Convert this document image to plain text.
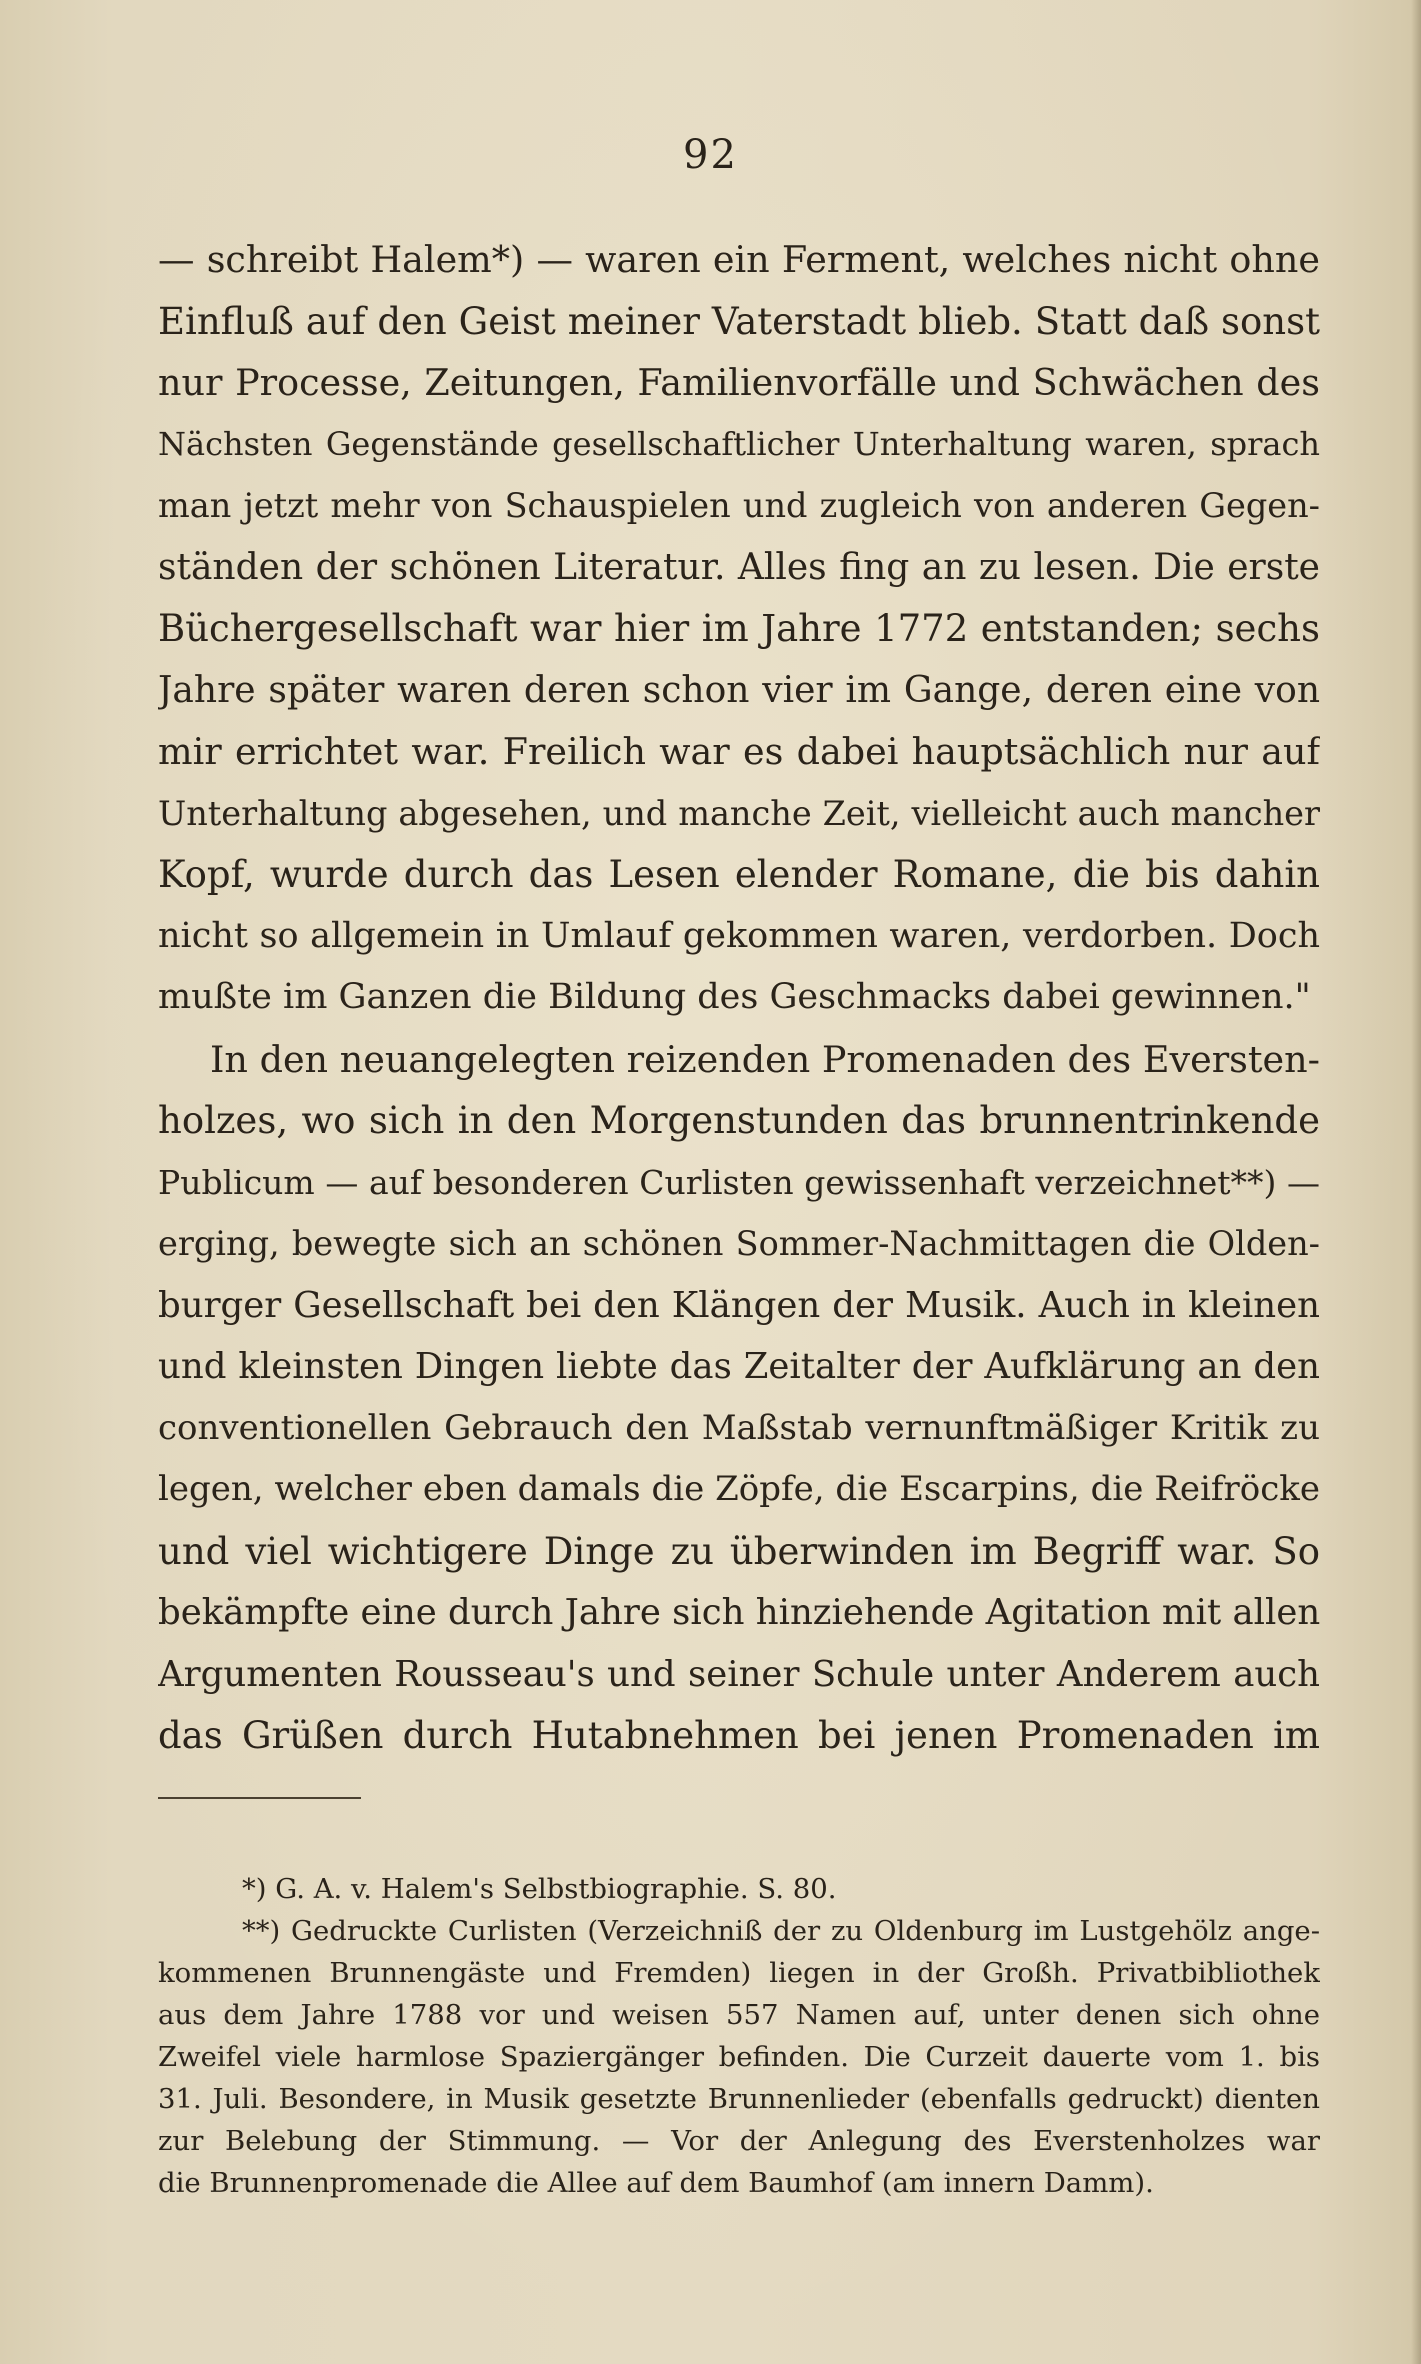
92
— schreibt Halem*) — waren ein Ferment, welches nicht ohne
Einfluß auf den Geist meiner Vaterstadt blieb. Statt daß sonst
nur Processe, Zeitungen, Familienvorfälle und Schwächen des
Nächsten Gegenstände gesellschaftlicher Unterhaltung waren, sprach
man jetzt mehr von Schauspielen und zugleich von anderen Gegen-
ständen der schönen Literatur. Alles fing an zu lesen. Die erste
Büchergesellschaft war hier im Jahre 1772 entstanden; sechs
Jahre später waren deren schon vier im Gange, deren eine von
mir errichtet war. Freilich war es dabei hauptsächlich nur auf
Unterhaltung abgesehen, und manche Zeit, vielleicht auch mancher
Kopf, wurde durch das Lesen elender Romane, die bis dahin
nicht so allgemein in Umlauf gekommen waren, verdorben. Doch
mußte im Ganzen die Bildung des Geschmacks dabei gewinnen."
In den neuangelegten reizenden Promenaden des Eversten-
holzes, wo sich in den Morgenstunden das brunnentrinkende
Publicum — auf besonderen Curlisten gewissenhaft verzeichnet**) —
erging, bewegte sich an schönen Sommer-Nachmittagen die Olden-
burger Gesellschaft bei den Klängen der Musik. Auch in kleinen
und kleinsten Dingen liebte das Zeitalter der Aufklärung an den
conventionellen Gebrauch den Maßstab vernunftmäßiger Kritik zu
legen, welcher eben damals die Zöpfe, die Escarpins, die Reifröcke
und viel wichtigere Dinge zu überwinden im Begriff war. So
bekämpfte eine durch Jahre sich hinziehende Agitation mit allen
Argumenten Rousseau's und seiner Schule unter Anderem auch
das Grüßen durch Hutabnehmen bei jenen Promenaden im
*) G. A. v. Halem's Selbstbiographie. S. 80.
**) Gedruckte Curlisten (Verzeichniß der zu Oldenburg im Lustgehölz ange-
kommenen Brunnengäste und Fremden) liegen in der Großh. Privatbibliothek
aus dem Jahre 1788 vor und weisen 557 Namen auf, unter denen sich ohne
Zweifel viele harmlose Spaziergänger befinden. Die Curzeit dauerte vom 1. bis
31. Juli. Besondere, in Musik gesetzte Brunnenlieder (ebenfalls gedruckt) dienten
zur Belebung der Stimmung. — Vor der Anlegung des Everstenholzes war
die Brunnenpromenade die Allee auf dem Baumhof (am innern Damm).
